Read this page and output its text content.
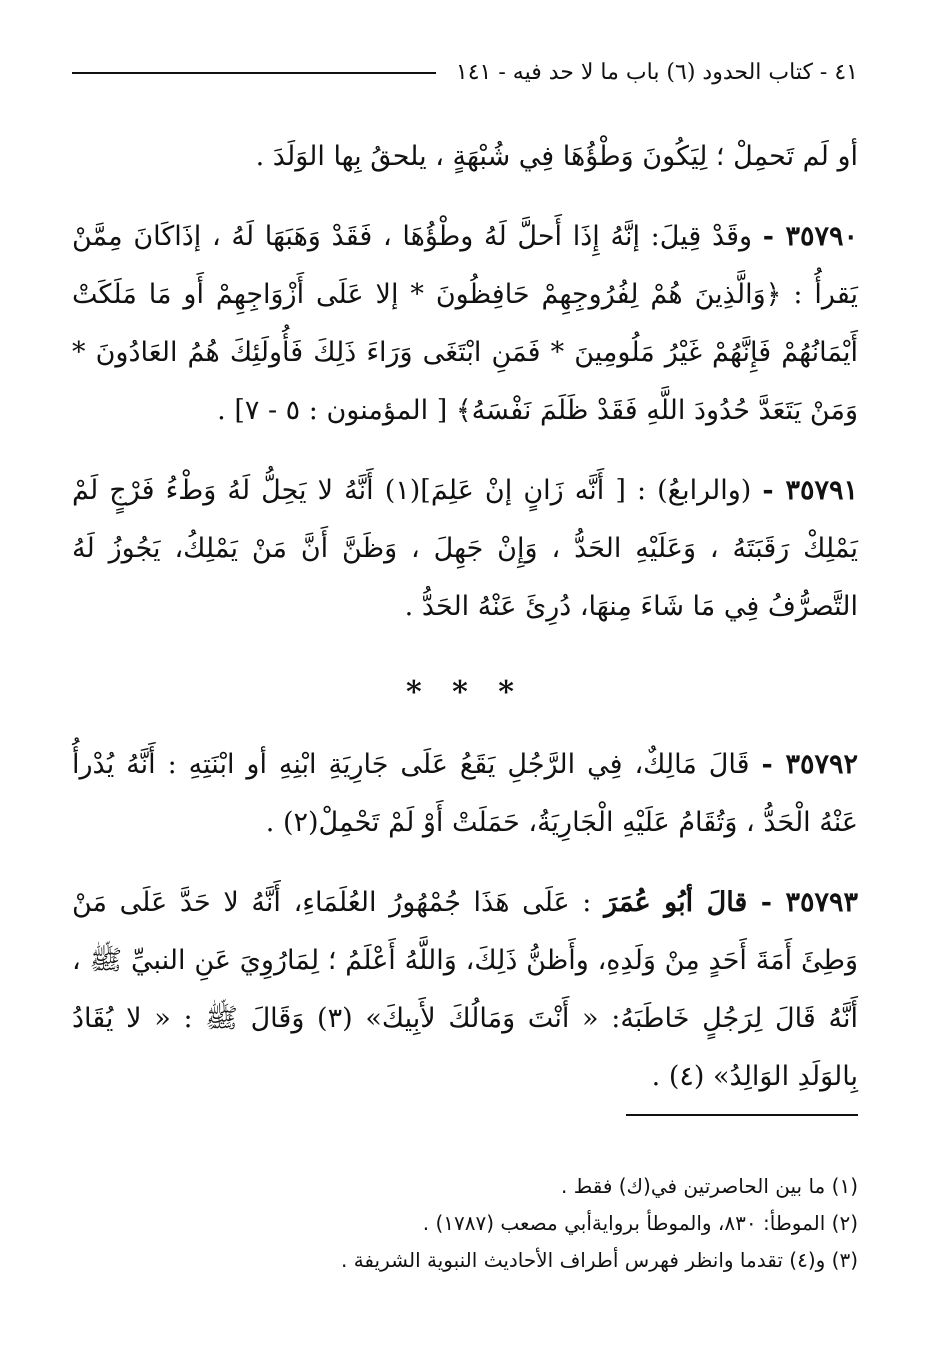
٤١ - كتاب الحدود (٦) باب ما لا حد فيه - ١٤١

أو لَم تَحمِلْ ؛ لِيَكُونَ وَطْؤُهَا فِي شُبْهَةٍ ، يلحقُ بِها الوَلَدَ .

٣٥٧٩٠ - وقَدْ قِيلَ: إنَّهُ إِذَا أَحلَّ لَهُ وطْؤُهَا ، فَقَدْ وَهَبَهَا لَهُ ، إذَاكَانَ مِمَّنْ يَقرأُ : ﴿وَالَّذِينَ هُمْ لِفُرُوجِهِمْ حَافِظُونَ * إلا عَلَى أَزْوَاجِهِمْ أَو مَا مَلَكَتْ أَيْمَانُهُمْ فَإِنَّهُمْ غَيْرُ مَلُومِينَ * فَمَنِ ابْتَغَى وَرَاءَ ذَلِكَ فَأُولَئِكَ هُمُ العَادُونَ * وَمَنْ يَتَعَدَّ حُدُودَ اللَّهِ فَقَدْ ظَلَمَ نَفْسَهُ﴾ [ المؤمنون : ٥ - ٧] .

٣٥٧٩١ - (والرابعُ) : [ أَنَّه زَانٍ إنْ عَلِمَ](١) أَنَّهُ لا يَحِلُّ لَهُ وَطْءُ فَرْجٍ لَمْ يَمْلِكْ رَقَبَتَهُ ، وَعَلَيْهِ الحَدُّ ، وَإِنْ جَهِلَ ، وَظَنَّ أَنَّ مَنْ يَمْلِكُ، يَجُوزُ لَهُ التَّصرُّفُ فِي مَا شَاءَ مِنهَا، دُرِئَ عَنْهُ الحَدُّ .

* * *

٣٥٧٩٢ - قَالَ مَالِكٌ، فِي الرَّجُلِ يَقَعُ عَلَى جَارِيَةِ ابْنِهِ أو ابْنَتِهِ : أَنَّهُ يُدْرأُ عَنْهُ الْحَدُّ ، وَتُقَامُ عَلَيْهِ الْجَارِيَةُ، حَمَلَتْ أَوْ لَمْ تَحْمِلْ(٢) .

٣٥٧٩٣ - قالَ أبُو عُمَرَ : عَلَى هَذَا جُمْهُورُ العُلَمَاءِ، أَنَّهُ لا حَدَّ عَلَى مَنْ وَطِئَ أَمَةَ أَحَدٍ مِنْ وَلَدِهِ، وأَظنُّ ذَلِكَ، وَاللَّهُ أَعْلَمُ ؛ لِمَارُوِيَ عَنِ النبيِّ ﷺ ، أَنَّهُ قَالَ لِرَجُلٍ خَاطَبَهُ: « أَنْتَ وَمَالُكَ لأَبِيكَ» (٣) وَقَالَ ﷺ : « لا يُقَادُ بِالوَلَدِ الوَالِدُ» (٤) .

(١) ما بين الحاصرتين في(ك) فقط .
(٢) الموطأ: ٨٣٠، والموطأ بروايةأبي مصعب (١٧٨٧) .
(٣) و(٤) تقدما وانظر فهرس أطراف الأحاديث النبوية الشريفة .
